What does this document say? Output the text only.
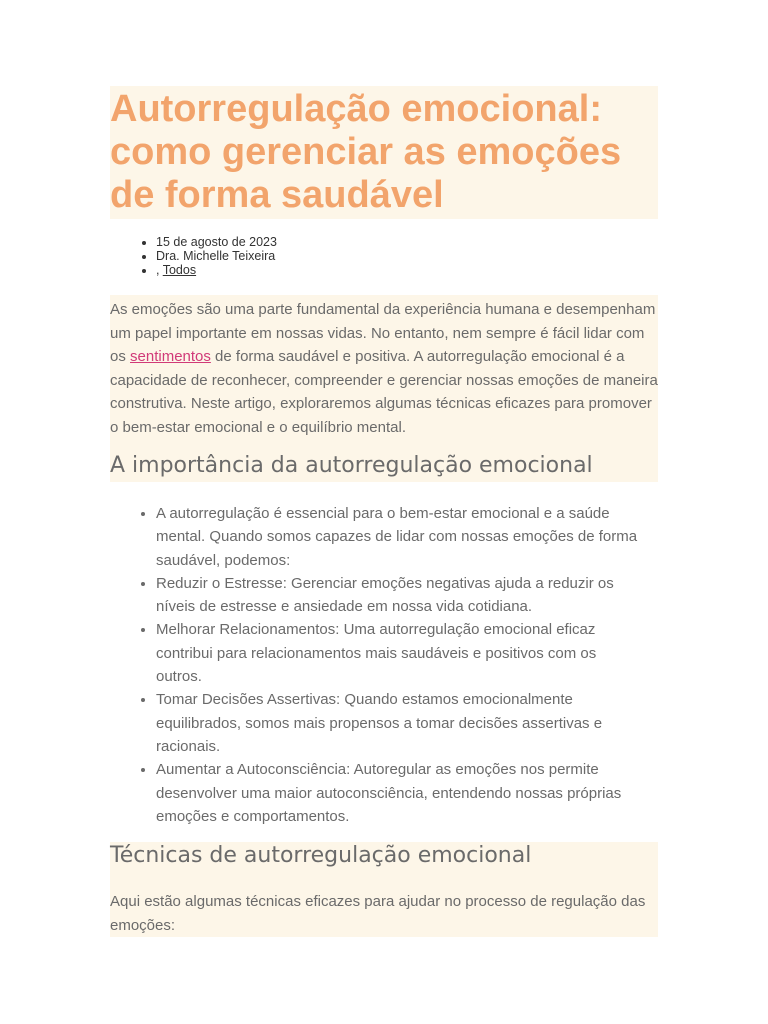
Autorregulação emocional: como gerenciar as emoções de forma saudável
• 15 de agosto de 2023
• Dra. Michelle Teixeira
• , Todos

As emoções são uma parte fundamental da experiência humana e desempenham um papel importante em nossas vidas. No entanto, nem sempre é fácil lidar com os sentimentos de forma saudável e positiva. A autorregulação emocional é a capacidade de reconhecer, compreender e gerenciar nossas emoções de maneira construtiva. Neste artigo, exploraremos algumas técnicas eficazes para promover o bem-estar emocional e o equilíbrio mental.

A importância da autorregulação emocional
• A autorregulação é essencial para o bem-estar emocional e a saúde mental. Quando somos capazes de lidar com nossas emoções de forma saudável, podemos:
• Reduzir o Estresse: Gerenciar emoções negativas ajuda a reduzir os níveis de estresse e ansiedade em nossa vida cotidiana.
• Melhorar Relacionamentos: Uma autorregulação emocional eficaz contribui para relacionamentos mais saudáveis e positivos com os outros.
• Tomar Decisões Assertivas: Quando estamos emocionalmente equilibrados, somos mais propensos a tomar decisões assertivas e racionais.
• Aumentar a Autoconsciência: Autoregular as emoções nos permite desenvolver uma maior autoconsciência, entendendo nossas próprias emoções e comportamentos.
Técnicas de autorregulação emocional

Aqui estão algumas técnicas eficazes para ajudar no processo de regulação das emoções:
